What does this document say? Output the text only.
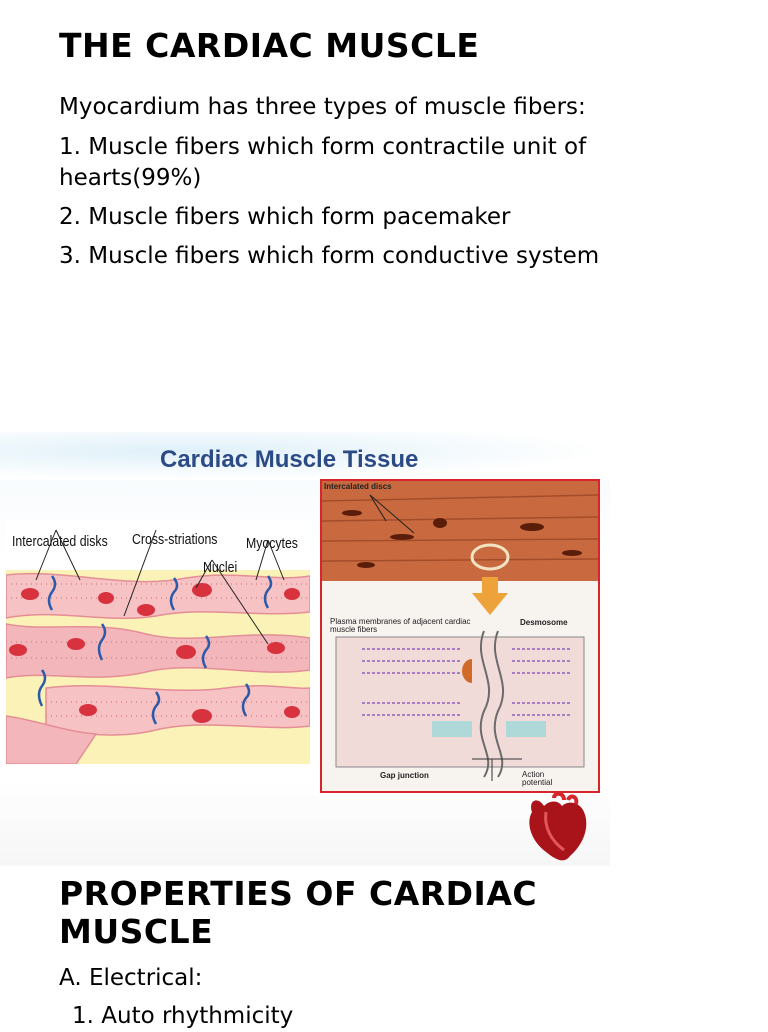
THE CARDIAC MUSCLE
Myocardium has three types of muscle fibers:
1. Muscle fibers which form contractile unit of hearts(99%)
2. Muscle fibers which form pacemaker
3. Muscle fibers which form conductive system
Cardiac Muscle Tissue
Intercalated disks Cross-striations Myocytes
Nuclei
Intercalated discs
Plasma membranes of adjacent cardiac muscle fibers
Desmosome
Gap junction	Action potential
PROPERTIES OF CARDIAC MUSCLE
A. Electrical:
1. Auto rhythmicity
